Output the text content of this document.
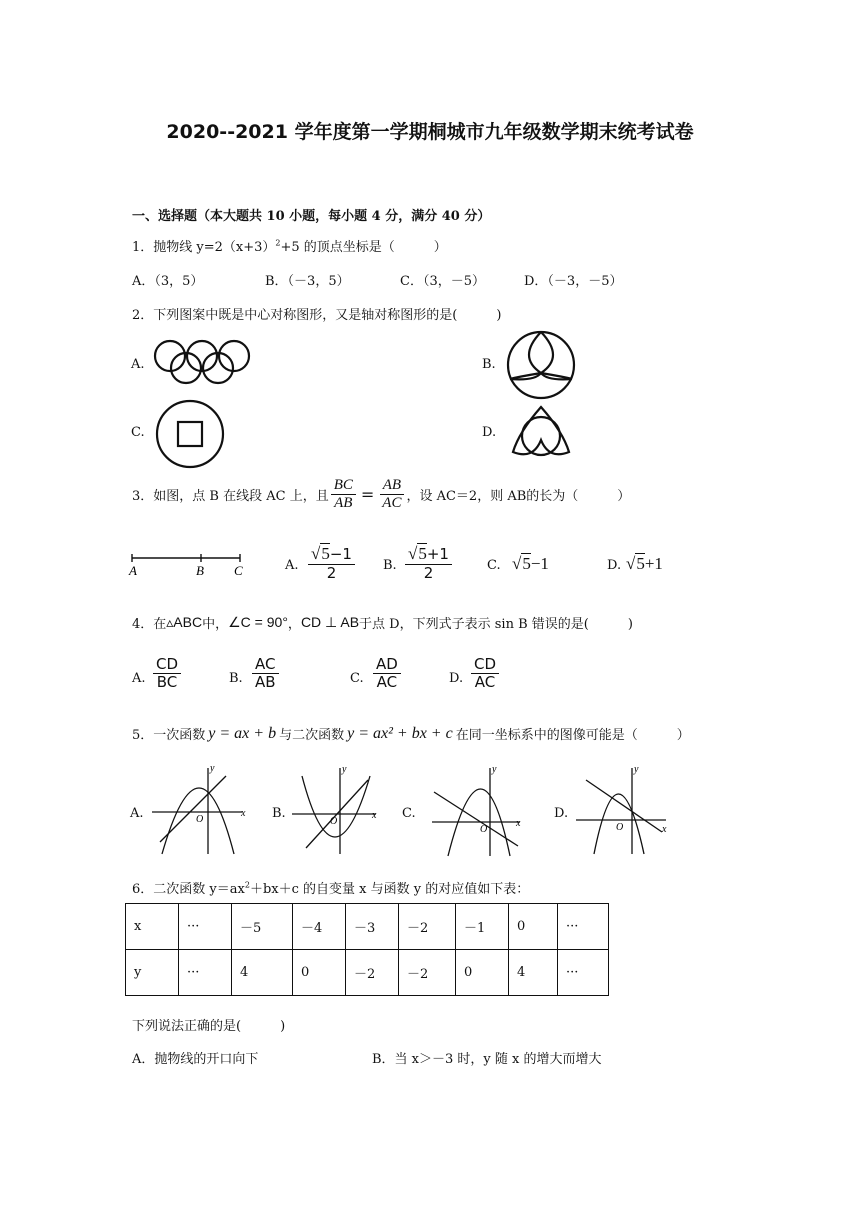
2020--2021 学年度第一学期桐城市九年级数学期末统考试卷
一、选择题（本大题共 10 小题，每小题 4 分，满分 40 分）
1．抛物线 $y=2(x+3)^2+5$ 的顶点坐标是（　　　）
A．（3，5）	B．（－3，5）	C．（3，－5）	D．（－3，－5）
2．下列图案中既是中心对称图形，又是轴对称图形的是(　　　)
A.	B.
C.	D.
3．如图，点 B 在线段 AC 上，且 $\frac{BC}{AB} = \frac{AB}{AC}$ ，设 AC＝2，则 AB的长为（　　　）
A	B C	A. $\frac{√5-1}{2} B$. $\frac{√5+1}{2}$	C. √5−1	D. √5+1
4．在 ▵ABC 中， ∠C = 90° ， CD ⊥ AB 于点 D，下列式子表示 sin B 错误的是(　　　)
A. $\frac{CD}{BC}$	B. $\frac{AC}{AB}$	C. $\frac{AD}{AC}$	D. $\frac{CD}{AC}$
5．一次函数 y = ax + b 与二次函数 y = ax² + bx + c 在同一坐标系中的图像可能是（　　　）
A.	x
y
O	B.	x
y
O
C.
x
y
O
D.
x
y
O
6．二次函数 $y=ax^2+bx+c$ 的自变量 x 与函数 y 的对应值如下表：
x	···	－5	－4	－3	－2	－1	0	···
y	···	4	0	－2	－2	0	4	···
下列说法正确的是(　　　)
A．抛物线的开口向下	B．当 x＞－3 时，y 随 x 的增大而增大
